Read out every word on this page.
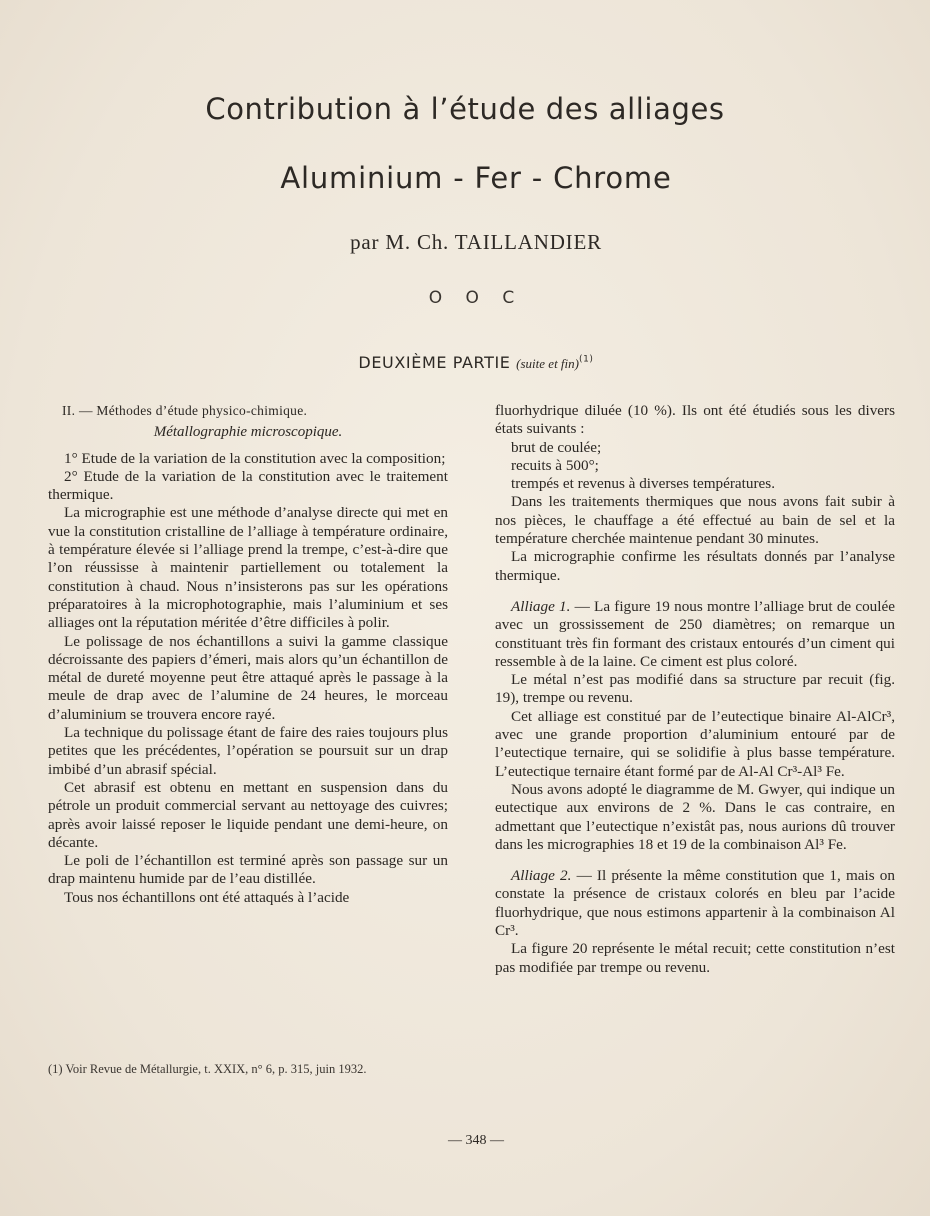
Contribution à l’étude des alliages
Aluminium - Fer - Chrome
par M. Ch. TAILLANDIER
O O C
DEUXIÈME PARTIE (suite et fin)$^{(1)}$

II. — Méthodes d’étude physico-chimique.

Métallographie microscopique.

1° Etude de la variation de la constitution avec la composition;

2° Etude de la variation de la constitution avec le traitement thermique.

La micrographie est une méthode d’analyse directe qui met en vue la constitution cristalline de l’alliage à température ordinaire, à température élevée si l’alliage prend la trempe, c’est-à-dire que l’on réussisse à maintenir partiellement ou totalement la constitution à chaud. Nous n’insisterons pas sur les opérations préparatoires à la microphotographie, mais l’aluminium et ses alliages ont la réputation méritée d’être difficiles à polir.

Le polissage de nos échantillons a suivi la gamme classique décroissante des papiers d’émeri, mais alors qu’un échantillon de métal de dureté moyenne peut être attaqué après le passage à la meule de drap avec de l’alumine de 24 heures, le morceau d’aluminium se trouvera encore rayé.

La technique du polissage étant de faire des raies toujours plus petites que les précédentes, l’opération se poursuit sur un drap imbibé d’un abrasif spécial.

Cet abrasif est obtenu en mettant en suspension dans du pétrole un produit commercial servant au nettoyage des cuivres; après avoir laissé reposer le liquide pendant une demi-heure, on décante.

Le poli de l’échantillon est terminé après son passage sur un drap maintenu humide par de l’eau distillée.

Tous nos échantillons ont été attaqués à l’acide

fluorhydrique diluée (10 %). Ils ont été étudiés sous les divers états suivants :

brut de coulée;

recuits à 500°;

trempés et revenus à diverses températures.

Dans les traitements thermiques que nous avons fait subir à nos pièces, le chauffage a été effectué au bain de sel et la température cherchée maintenue pendant 30 minutes.

La micrographie confirme les résultats donnés par l’analyse thermique.

Alliage 1. — La figure 19 nous montre l’alliage brut de coulée avec un grossissement de 250 diamètres; on remarque un constituant très fin formant des cristaux entourés d’un ciment qui ressemble à de la laine. Ce ciment est plus coloré.

Le métal n’est pas modifié dans sa structure par recuit (fig. 19), trempe ou revenu.

Cet alliage est constitué par de l’eutectique binaire Al-AlCr³, avec une grande proportion d’aluminium entouré par de l’eutectique ternaire, qui se solidifie à plus basse température. L’eutectique ternaire étant formé par de Al-Al Cr³-Al³ Fe.

Nous avons adopté le diagramme de M. Gwyer, qui indique un eutectique aux environs de 2 %. Dans le cas contraire, en admettant que l’eutectique n’existât pas, nous aurions dû trouver dans les micrographies 18 et 19 de la combinaison Al³ Fe.

Alliage 2. — Il présente la même constitution que 1, mais on constate la présence de cristaux colorés en bleu par l’acide fluorhydrique, que nous estimons appartenir à la combinaison Al Cr³.

La figure 20 représente le métal recuit; cette constitution n’est pas modifiée par trempe ou revenu.

(1) Voir Revue de Métallurgie, t. XXIX, n° 6, p. 315, juin 1932.
— 348 —
